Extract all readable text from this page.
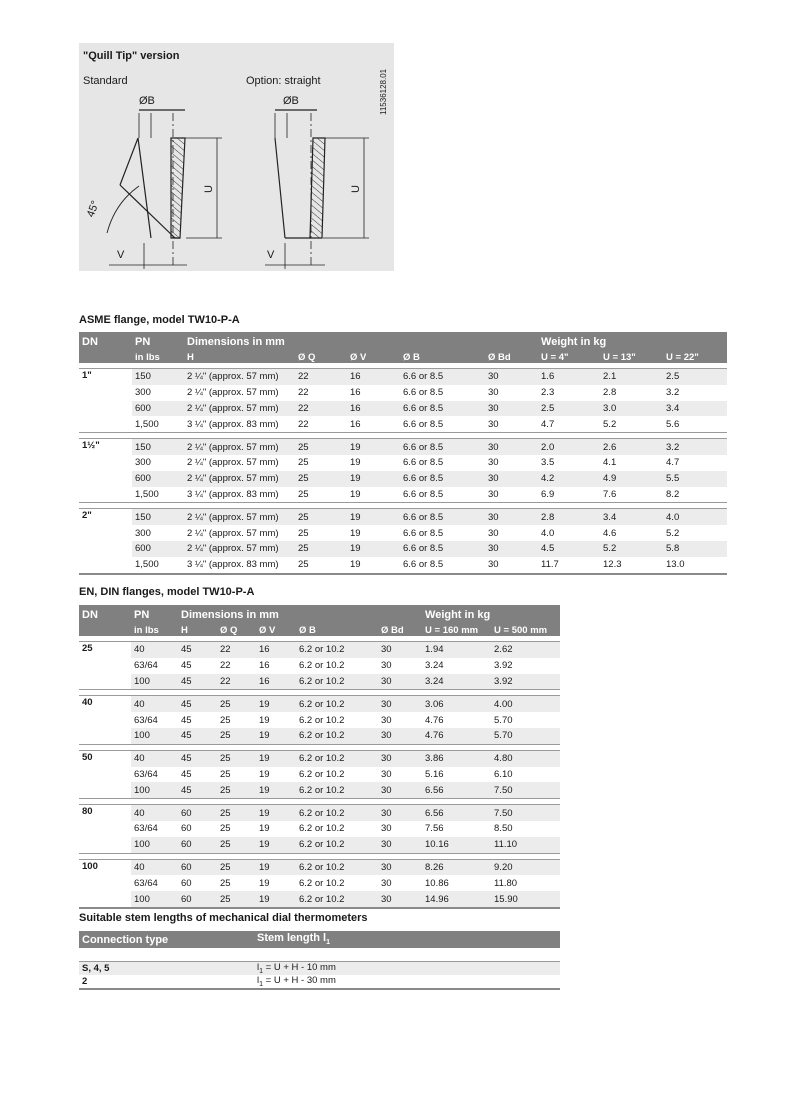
"Quill Tip" version
Standard	Option: straight	11536128.01
ØB	ØB
U	U
V	V
45°
ASME flange, model TW10-P-A
DN	PN	Dimensions in mm					Weight in kg		
	in lbs	H	Ø Q	Ø V	Ø B	Ø Bd	U = 4"	U = 13"	U = 22"

1"	150	2 ¼" (approx. 57 mm)	22	16	6.6 or 8.5	30	1.6	2.1	2.5
	300	2 ¼" (approx. 57 mm)	22	16	6.6 or 8.5	30	2.3	2.8	3.2
	600	2 ¼" (approx. 57 mm)	22	16	6.6 or 8.5	30	2.5	3.0	3.4
	1,500	3 ¼" (approx. 83 mm)	22	16	6.6 or 8.5	30	4.7	5.2	5.6

1½"	150	2 ¼" (approx. 57 mm)	25	19	6.6 or 8.5	30	2.0	2.6	3.2
	300	2 ¼" (approx. 57 mm)	25	19	6.6 or 8.5	30	3.5	4.1	4.7
	600	2 ¼" (approx. 57 mm)	25	19	6.6 or 8.5	30	4.2	4.9	5.5
	1,500	3 ¼" (approx. 83 mm)	25	19	6.6 or 8.5	30	6.9	7.6	8.2

2"	150	2 ¼" (approx. 57 mm)	25	19	6.6 or 8.5	30	2.8	3.4	4.0
	300	2 ¼" (approx. 57 mm)	25	19	6.6 or 8.5	30	4.0	4.6	5.2
	600	2 ¼" (approx. 57 mm)	25	19	6.6 or 8.5	30	4.5	5.2	5.8
	1,500	3 ¼" (approx. 83 mm)	25	19	6.6 or 8.5	30	11.7	12.3	13.0
EN, DIN flanges, model TW10-P-A
DN	PN	Dimensions in mm					Weight in kg	
	in lbs	H	Ø Q	Ø V	Ø B	Ø Bd	U = 160 mm	U = 500 mm

25	40	45	22	16	6.2 or 10.2	30	1.94	2.62
	63/64	45	22	16	6.2 or 10.2	30	3.24	3.92
	100	45	22	16	6.2 or 10.2	30	3.24	3.92

40	40	45	25	19	6.2 or 10.2	30	3.06	4.00
	63/64	45	25	19	6.2 or 10.2	30	4.76	5.70
	100	45	25	19	6.2 or 10.2	30	4.76	5.70

50	40	45	25	19	6.2 or 10.2	30	3.86	4.80
	63/64	45	25	19	6.2 or 10.2	30	5.16	6.10
	100	45	25	19	6.2 or 10.2	30	6.56	7.50

80	40	60	25	19	6.2 or 10.2	30	6.56	7.50
	63/64	60	25	19	6.2 or 10.2	30	7.56	8.50
	100	60	25	19	6.2 or 10.2	30	10.16	11.10

100	40	60	25	19	6.2 or 10.2	30	8.26	9.20
	63/64	60	25	19	6.2 or 10.2	30	10.86	11.80
	100	60	25	19	6.2 or 10.2	30	14.96	15.90
Suitable stem lengths of mechanical dial thermometers
Connection type	Stem length $l_1$

S, 4, 5	$l_1 = U + H - 10$ mm
2	$l_1 = U + H - 30$ mm
